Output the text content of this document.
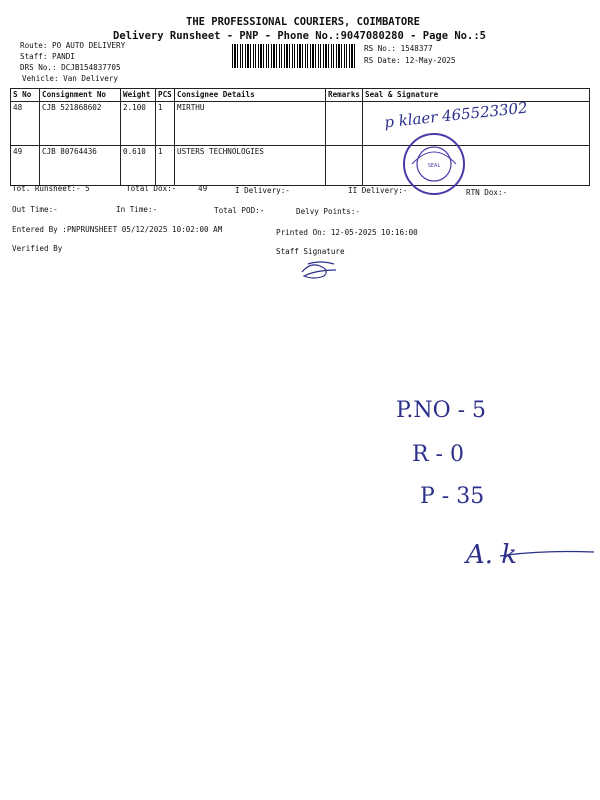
THE PROFESSIONAL COURIERS, COIMBATORE
Delivery Runsheet - PNP - Phone No.:9047080280 - Page No.:5
Route: PO AUTO DELIVERY
Staff: PANDI
DRS No.: DCJB154837705
Vehicle: Van Delivery
RS No.: 1548377
RS Date: 12-May-2025
S No	Consignment No	Weight	PCS	Consignee Details	Remarks	Seal & Signature
48	CJB 521868602	2.100	1	MIRTHU		
49	CJB 80764436	0.610	1	USTERS TECHNOLOGIES		
p klaer 465523302
SEAL
Tot. Runsheet:- 5	Total Dox:-	49	I Delivery:-	II Delivery:-	RTN Dox:-
Out Time:-	In Time:-	Total POD:-	Delvy Points:-
Entered By :PNPRUNSHEET 05/12/2025 10:02:00 AM	Printed On: 12-05-2025 10:16:00
Verified By	Staff Signature
P.NO - 5
R - 0
P - 35
A. k
